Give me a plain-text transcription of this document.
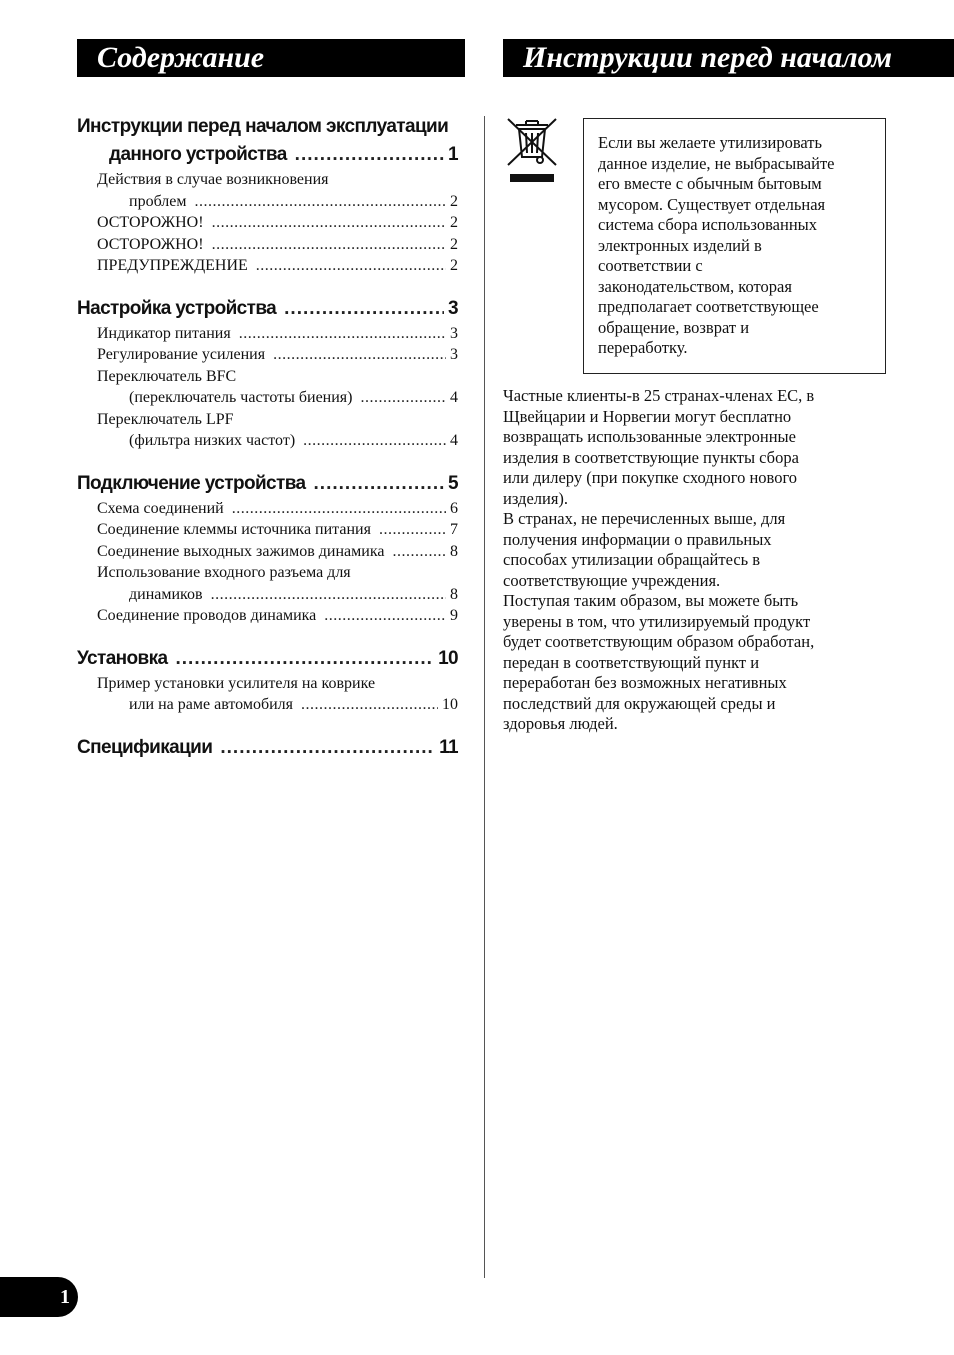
Содержание	Инструкции перед началом
Инструкции перед началом эксплуатации
данного устройства .....	1
Действия в случае возникновения
проблем .....	2
ОСТОРОЖНО! .....	2
ОСТОРОЖНО! .....	2
ПРЕДУПРЕЖДЕНИЕ .....	2
Настройка устройства .....	3
Индикатор питания .....	3
Регулирование усиления .....	3
Переключатель BFC
(переключатель частоты биения) .....	4
Переключатель LPF
(фильтра низких частот) .....	4
Подключение устройства .....	5
Схема соединений .....	6
Соединение клеммы источника питания .....	7
Соединение выходных зажимов динамика .....	8
Использование входного разъема для
динамиков .....	8
Соединение проводов динамика .....	9
Установка .....	10
Пример установки усилителя на коврике
или на раме автомобиля .....	10
Спецификации .....	11
Если вы желаете утилизировать
данное изделие, не выбрасывайте
его вместе с обычным бытовым
мусором. Существует отдельная
система сбора использованных
электронных изделий в
соответствии с
законодательством, которая
предполагает соответствующее
обращение, возврат и
переработку.
Частные клиенты-в 25 странах-членах ЕС, в
Щвейцарии и Норвегии могут бесплатно
возвращать использованные электронные
изделия в соответствующие пункты сбора
или дилеру (при покупке сходного нового
изделия).
В странах, не перечисленных выше, для
получения информации о правильных
способах утилизации обращайтесь в
соответствующие учреждения.
Поступая таким образом, вы можете быть
уверены в том, что утилизируемый продукт
будет соответствующим образом обработан,
передан в соответствующий пункт и
переработан без возможных негативных
последствий для окружающей среды и
здоровья людей.
1
